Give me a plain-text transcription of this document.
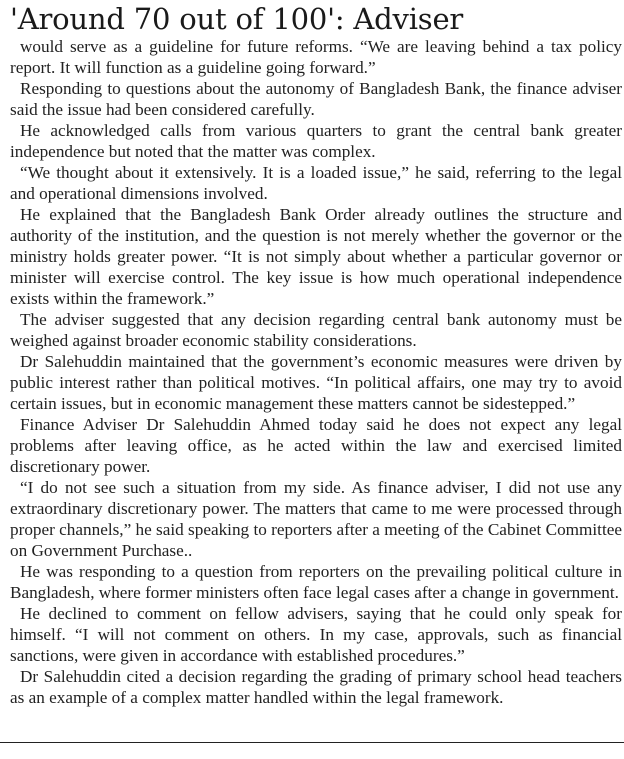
'Around 70 out of 100': Adviser

would serve as a guideline for future reforms. “We are leaving behind a tax policy report. It will function as a guideline going forward.”

Responding to questions about the autonomy of Bangladesh Bank, the finance adviser said the issue had been considered carefully.

He acknowledged calls from various quarters to grant the central bank greater independence but noted that the matter was complex.

“We thought about it extensively. It is a loaded issue,” he said, referring to the legal and operational dimensions involved.

He explained that the Bangladesh Bank Order already outlines the structure and authority of the institution, and the question is not merely whether the governor or the ministry holds greater power. “It is not simply about whether a particular governor or minister will exercise control. The key issue is how much operational independence exists within the framework.”

The adviser suggested that any decision regarding central bank autonomy must be weighed against broader economic stability considerations.

Dr Salehuddin maintained that the government’s economic measures were driven by public interest rather than political motives. “In political affairs, one may try to avoid certain issues, but in economic management these matters cannot be sidestepped.”

Finance Adviser Dr Salehuddin Ahmed today said he does not expect any legal problems after leaving office, as he acted within the law and exercised limited discretionary power.

“I do not see such a situation from my side. As finance adviser, I did not use any extraordinary discretionary power. The matters that came to me were processed through proper channels,” he said speaking to reporters after a meeting of the Cabinet Committee on Government Purchase..

He was responding to a question from reporters on the prevailing political culture in Bangladesh, where former ministers often face legal cases after a change in government.

He declined to comment on fellow advisers, saying that he could only speak for himself. “I will not comment on others. In my case, approvals, such as financial sanctions, were given in accordance with established procedures.”

Dr Salehuddin cited a decision regarding the grading of primary school head teachers as an example of a complex matter handled within the legal framework.
